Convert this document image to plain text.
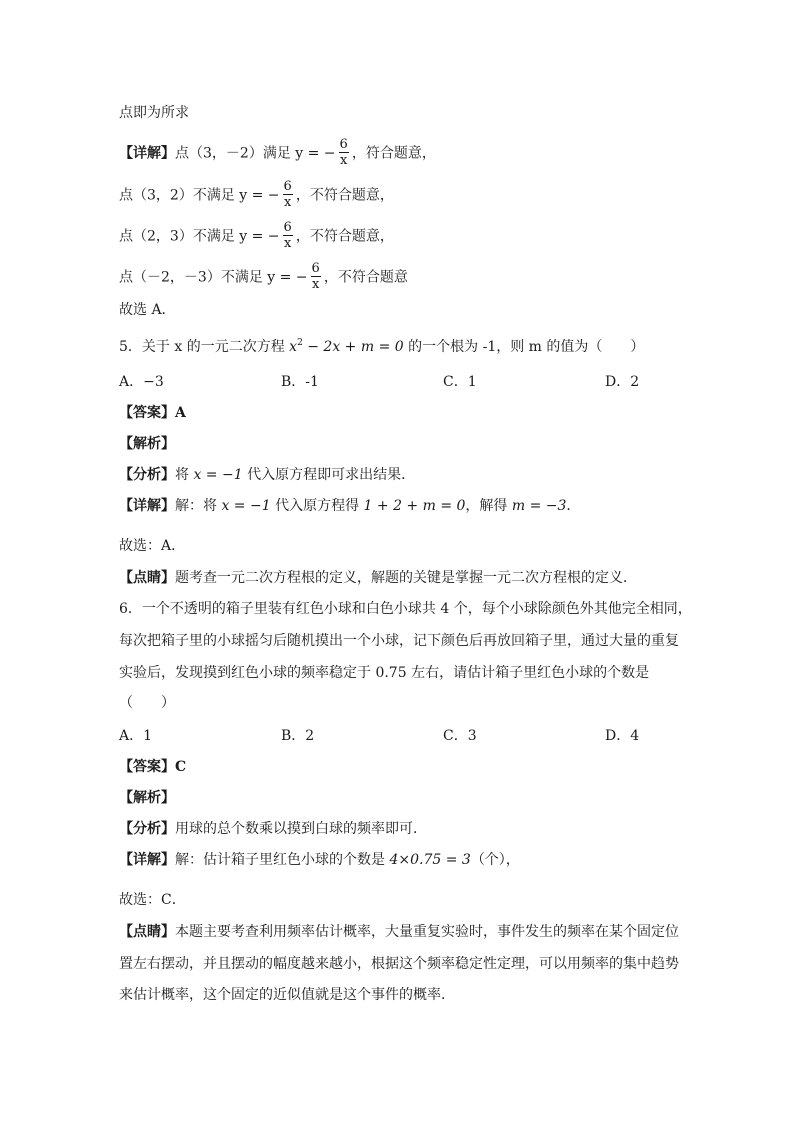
点即为所求
【详解】点（3，－2）满足 y = − $\frac{6}{x}$ ，符合题意，
点（3，2）不满足 y = − $\frac{6}{x}$ ，不符合题意，
点（2，3）不满足 y = − $\frac{6}{x}$ ，不符合题意，
点（－2，－3）不满足 y = − $\frac{6}{x}$ ，不符合题意
故选 A．
5．关于 x 的一元二次方程 $x^2 - 2x + m = 0$ 的一个根为 -1，则 m 的值为（　　）
A．−3	B．-1	C．1	D．2
【答案】A
【解析】
【分析】将 x = −1 代入原方程即可求出结果．
【详解】解：将 x = −1 代入原方程得 1 + 2 + m = 0，解得 m = −3．
故选：A．
【点睛】题考查一元二次方程根的定义，解题的关键是掌握一元二次方程根的定义．
6．一个不透明的箱子里装有红色小球和白色小球共 4 个，每个小球除颜色外其他完全相同，
每次把箱子里的小球摇匀后随机摸出一个小球，记下颜色后再放回箱子里，通过大量的重复
实验后，发现摸到红色小球的频率稳定于 0.75 左右，请估计箱子里红色小球的个数是
（　　）
A．1	B．2	C．3	D．4
【答案】C
【解析】
【分析】用球的总个数乘以摸到白球的频率即可．
【详解】解：估计箱子里红色小球的个数是 4×0.75 = 3（个），
故选：C．
【点睛】本题主要考查利用频率估计概率，大量重复实验时，事件发生的频率在某个固定位
置左右摆动，并且摆动的幅度越来越小，根据这个频率稳定性定理，可以用频率的集中趋势
来估计概率，这个固定的近似值就是这个事件的概率．
